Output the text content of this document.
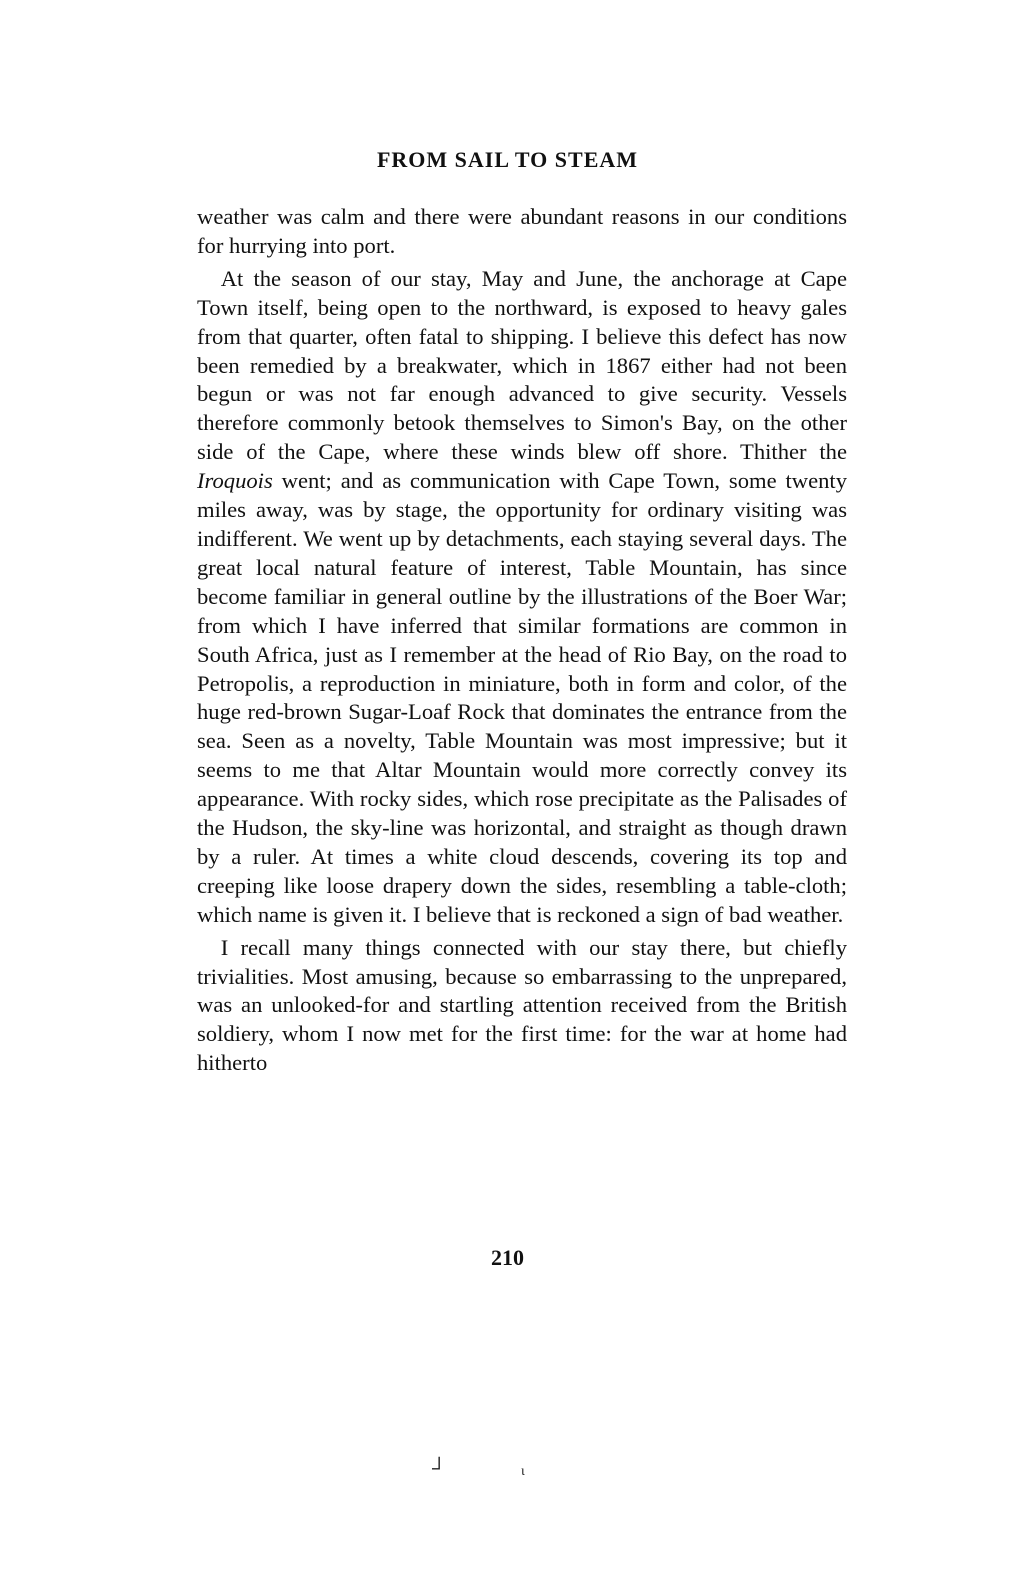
FROM SAIL TO STEAM

weather was calm and there were abundant reasons in our conditions for hurrying into port.

At the season of our stay, May and June, the anchorage at Cape Town itself, being open to the northward, is exposed to heavy gales from that quarter, often fatal to shipping. I believe this defect has now been remedied by a breakwater, which in 1867 either had not been begun or was not far enough advanced to give security. Vessels therefore commonly betook themselves to Simon's Bay, on the other side of the Cape, where these winds blew off shore. Thither the Iroquois went; and as communication with Cape Town, some twenty miles away, was by stage, the opportunity for ordinary visiting was indifferent. We went up by detachments, each staying several days. The great local natural feature of interest, Table Mountain, has since become familiar in general outline by the illustrations of the Boer War; from which I have inferred that similar formations are common in South Africa, just as I remember at the head of Rio Bay, on the road to Petropolis, a reproduction in miniature, both in form and color, of the huge red-brown Sugar-Loaf Rock that dominates the entrance from the sea. Seen as a novelty, Table Mountain was most impressive; but it seems to me that Altar Mountain would more correctly convey its appearance. With rocky sides, which rose precipitate as the Palisades of the Hudson, the sky-line was horizontal, and straight as though drawn by a ruler. At times a white cloud descends, covering its top and creeping like loose drapery down the sides, resembling a table-cloth; which name is given it. I believe that is reckoned a sign of bad weather.

I recall many things connected with our stay there, but chiefly trivialities. Most amusing, because so embarrassing to the unprepared, was an unlooked-for and startling attention received from the British soldiery, whom I now met for the first time: for the war at home had hitherto

210
┘	ι
